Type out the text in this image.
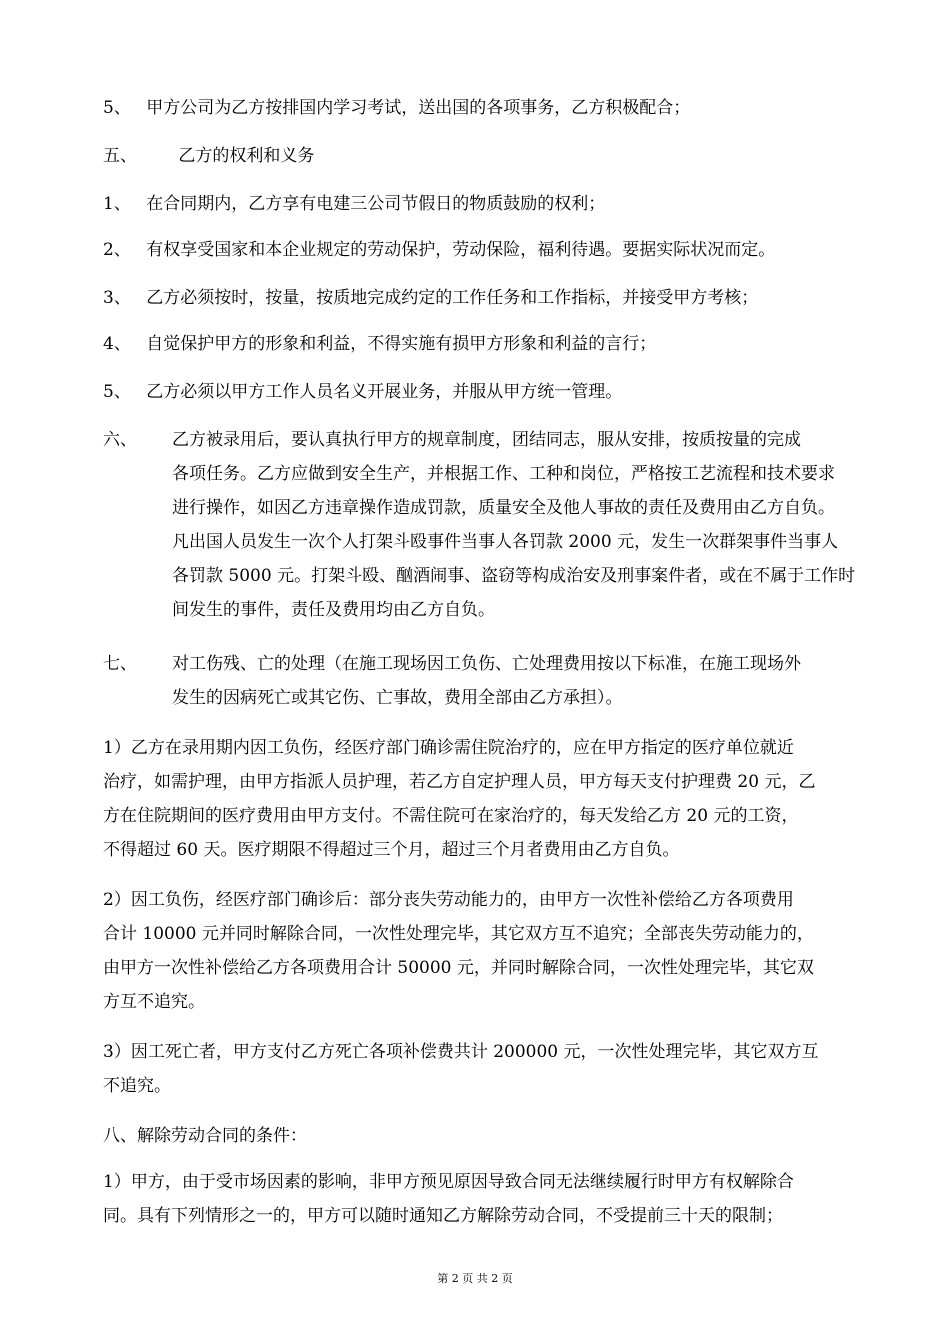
5、 甲方公司为乙方按排国内学习考试，送出国的各项事务，乙方积极配合；
五、 乙方的权利和义务
1、 在合同期内，乙方享有电建三公司节假日的物质鼓励的权利；
2、 有权享受国家和本企业规定的劳动保护，劳动保险，福利待遇。要据实际状况而定。
3、 乙方必须按时，按量，按质地完成约定的工作任务和工作指标，并接受甲方考核；
4、 自觉保护甲方的形象和利益，不得实施有损甲方形象和利益的言行；
5、 乙方必须以甲方工作人员名义开展业务，并服从甲方统一管理。
六、 乙方被录用后，要认真执行甲方的规章制度，团结同志，服从安排，按质按量的完成
各项任务。乙方应做到安全生产，并根据工作、工种和岗位，严格按工艺流程和技术要求
进行操作，如因乙方违章操作造成罚款，质量安全及他人事故的责任及费用由乙方自负。
凡出国人员发生一次个人打架斗殴事件当事人各罚款 2000 元，发生一次群架事件当事人
各罚款 5000 元。打架斗殴、酗酒闹事、盗窃等构成治安及刑事案件者，或在不属于工作时
间发生的事件，责任及费用均由乙方自负。
七、 对工伤残、亡的处理（在施工现场因工负伤、亡处理费用按以下标准，在施工现场外
发生的因病死亡或其它伤、亡事故，费用全部由乙方承担）。
1）乙方在录用期内因工负伤，经医疗部门确诊需住院治疗的，应在甲方指定的医疗单位就近
治疗，如需护理，由甲方指派人员护理，若乙方自定护理人员，甲方每天支付护理费 20 元，乙
方在住院期间的医疗费用由甲方支付。不需住院可在家治疗的，每天发给乙方 20 元的工资，
不得超过 60 天。医疗期限不得超过三个月，超过三个月者费用由乙方自负。
2）因工负伤，经医疗部门确诊后：部分丧失劳动能力的，由甲方一次性补偿给乙方各项费用
合计 10000 元并同时解除合同，一次性处理完毕，其它双方互不追究；全部丧失劳动能力的，
由甲方一次性补偿给乙方各项费用合计 50000 元，并同时解除合同，一次性处理完毕，其它双
方互不追究。
3）因工死亡者，甲方支付乙方死亡各项补偿费共计 200000 元，一次性处理完毕，其它双方互
不追究。
八、解除劳动合同的条件：
1）甲方，由于受市场因素的影响，非甲方预见原因导致合同无法继续履行时甲方有权解除合
同。具有下列情形之一的，甲方可以随时通知乙方解除劳动合同，不受提前三十天的限制；
第 2 页 共 2 页
